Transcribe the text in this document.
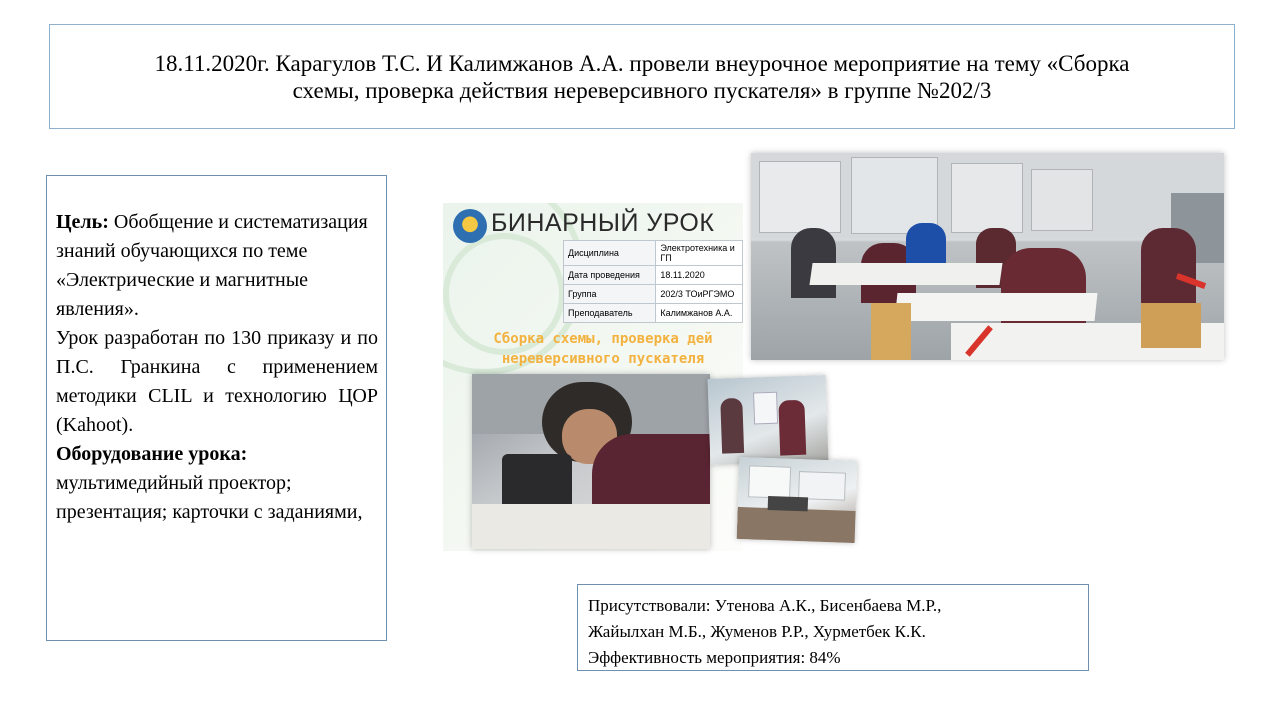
18.11.2020г. Карагулов Т.С. И Калимжанов А.А. провели внеурочное мероприятие на тему «Сборка
схемы, проверка действия нереверсивного пускателя» в группе №202/3

Цель: Обобщение и систематизация знаний обучающихся по теме «Электрические и магнитные явления».

Урок разработан по 130 приказу и по П.С. Гранкина с применением методики CLIL и технологию ЦОР (Kahoot).

Оборудование урока:

мультимедийный проектор; презентация; карточки с заданиями,

БИНАРНЫЙ УРОК
Дисциплина	Электротехника и ГП
Дата проведения	18.11.2020
Группа	202/3 ТОиРГЭМО
Преподаватель	Калимжанов А.А.
Сборка схемы, проверка дей
нереверсивного пускателя
Присутствовали: Утенова А.К., Бисенбаева М.Р.,
Жайылхан М.Б., Жуменов Р.Р., Хурметбек К.К.
Эффективность мероприятия: 84%
